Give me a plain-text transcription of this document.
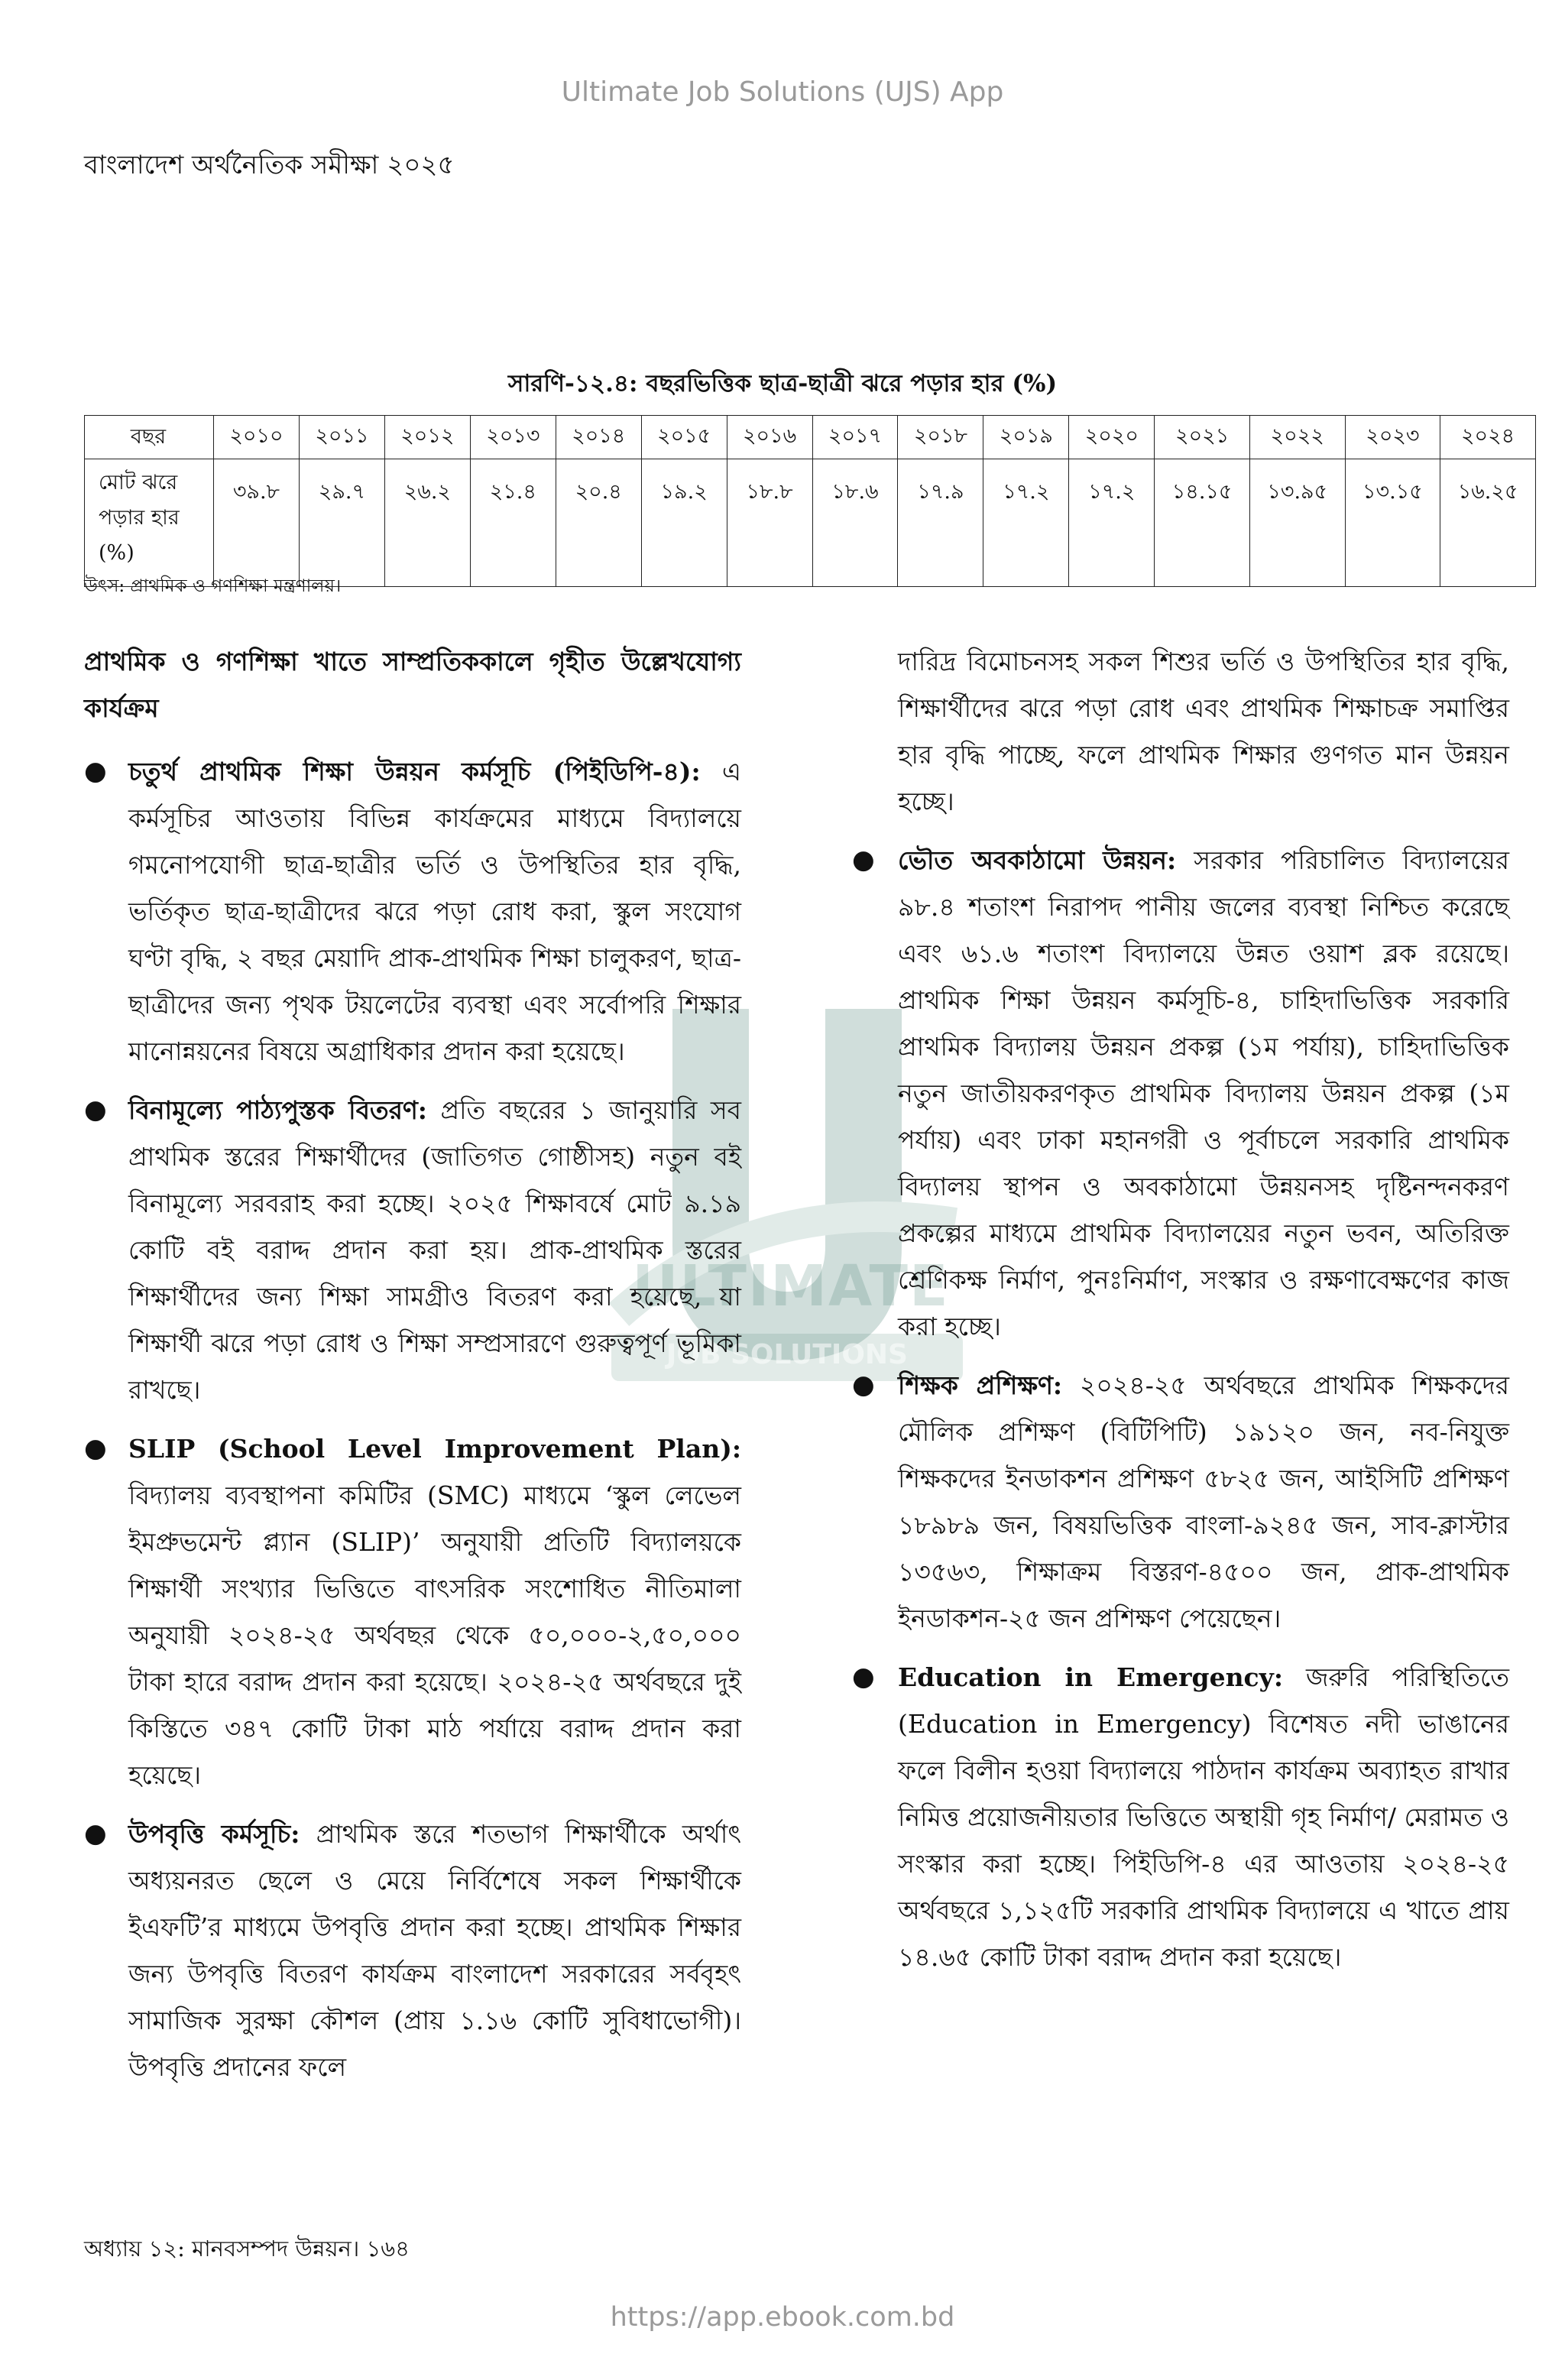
Ultimate Job Solutions (UJS) App
বাংলাদেশ অর্থনৈতিক সমীক্ষা ২০২৫
ULTIMATE
JOB SOLUTIONS
সারণি-১২.৪: বছরভিত্তিক ছাত্র-ছাত্রী ঝরে পড়ার হার (%)
বছর	২০১০	২০১১	২০১২	২০১৩	২০১৪	২০১৫	২০১৬	২০১৭	২০১৮	২০১৯	২০২০	২০২১	২০২২	২০২৩	২০২৪
মোট ঝরে পড়ার হার (%)	৩৯.৮	২৯.৭	২৬.২	২১.৪	২০.৪	১৯.২	১৮.৮	১৮.৬	১৭.৯	১৭.২	১৭.২	১৪.১৫	১৩.৯৫	১৩.১৫	১৬.২৫
উৎস: প্রাথমিক ও গণশিক্ষা মন্ত্রণালয়।
প্রাথমিক ও গণশিক্ষা খাতে সাম্প্রতিককালে গৃহীত উল্লেখযোগ্য কার্যক্রম
● চতুর্থ প্রাথমিক শিক্ষা উন্নয়ন কর্মসূচি (পিইডিপি-৪): এ কর্মসূচির আওতায় বিভিন্ন কার্যক্রমের মাধ্যমে বিদ্যালয়ে গমনোপযোগী ছাত্র-ছাত্রীর ভর্তি ও উপস্থিতির হার বৃদ্ধি, ভর্তিকৃত ছাত্র-ছাত্রীদের ঝরে পড়া রোধ করা, স্কুল সংযোগ ঘণ্টা বৃদ্ধি, ২ বছর মেয়াদি প্রাক-প্রাথমিক শিক্ষা চালুকরণ, ছাত্র-ছাত্রীদের জন্য পৃথক টয়লেটের ব্যবস্থা এবং সর্বোপরি শিক্ষার মানোন্নয়নের বিষয়ে অগ্রাধিকার প্রদান করা হয়েছে।
● বিনামূল্যে পাঠ্যপুস্তক বিতরণ: প্রতি বছরের ১ জানুয়ারি সব প্রাথমিক স্তরের শিক্ষার্থীদের (জাতিগত গোষ্ঠীসহ) নতুন বই বিনামূল্যে সরবরাহ করা হচ্ছে। ২০২৫ শিক্ষাবর্ষে মোট ৯.১৯ কোটি বই বরাদ্দ প্রদান করা হয়। প্রাক-প্রাথমিক স্তরের শিক্ষার্থীদের জন্য শিক্ষা সামগ্রীও বিতরণ করা হয়েছে, যা শিক্ষার্থী ঝরে পড়া রোধ ও শিক্ষা সম্প্রসারণে গুরুত্বপূর্ণ ভূমিকা রাখছে।
● SLIP (School Level Improvement Plan): বিদ্যালয় ব্যবস্থাপনা কমিটির (SMC) মাধ্যমে ‘স্কুল লেভেল ইমপ্রুভমেন্ট প্ল্যান (SLIP)’ অনুযায়ী প্রতিটি বিদ্যালয়কে শিক্ষার্থী সংখ্যার ভিত্তিতে বাৎসরিক সংশোধিত নীতিমালা অনুযায়ী ২০২৪-২৫ অর্থবছর থেকে ৫০,০০০-২,৫০,০০০ টাকা হারে বরাদ্দ প্রদান করা হয়েছে। ২০২৪-২৫ অর্থবছরে দুই কিস্তিতে ৩৪৭ কোটি টাকা মাঠ পর্যায়ে বরাদ্দ প্রদান করা হয়েছে।
● উপবৃত্তি কর্মসূচি: প্রাথমিক স্তরে শতভাগ শিক্ষার্থীকে অর্থাৎ অধ্যয়নরত ছেলে ও মেয়ে নির্বিশেষে সকল শিক্ষার্থীকে ইএফটি’র মাধ্যমে উপবৃত্তি প্রদান করা হচ্ছে। প্রাথমিক শিক্ষার জন্য উপবৃত্তি বিতরণ কার্যক্রম বাংলাদেশ সরকারের সর্ববৃহৎ সামাজিক সুরক্ষা কৌশল (প্রায় ১.১৬ কোটি সুবিধাভোগী)। উপবৃত্তি প্রদানের ফলে

দারিদ্র বিমোচনসহ সকল শিশুর ভর্তি ও উপস্থিতির হার বৃদ্ধি, শিক্ষার্থীদের ঝরে পড়া রোধ এবং প্রাথমিক শিক্ষাচক্র সমাপ্তির হার বৃদ্ধি পাচ্ছে, ফলে প্রাথমিক শিক্ষার গুণগত মান উন্নয়ন হচ্ছে।

● ভৌত অবকাঠামো উন্নয়ন: সরকার পরিচালিত বিদ্যালয়ের ৯৮.৪ শতাংশ নিরাপদ পানীয় জলের ব্যবস্থা নিশ্চিত করেছে এবং ৬১.৬ শতাংশ বিদ্যালয়ে উন্নত ওয়াশ ব্লক রয়েছে। প্রাথমিক শিক্ষা উন্নয়ন কর্মসূচি-৪, চাহিদাভিত্তিক সরকারি প্রাথমিক বিদ্যালয় উন্নয়ন প্রকল্প (১ম পর্যায়), চাহিদাভিত্তিক নতুন জাতীয়করণকৃত প্রাথমিক বিদ্যালয় উন্নয়ন প্রকল্প (১ম পর্যায়) এবং ঢাকা মহানগরী ও পূর্বাচলে সরকারি প্রাথমিক বিদ্যালয় স্থাপন ও অবকাঠামো উন্নয়নসহ দৃষ্টিনন্দনকরণ প্রকল্পের মাধ্যমে প্রাথমিক বিদ্যালয়ের নতুন ভবন, অতিরিক্ত শ্রেণিকক্ষ নির্মাণ, পুনঃনির্মাণ, সংস্কার ও রক্ষণাবেক্ষণের কাজ করা হচ্ছে।
● শিক্ষক প্রশিক্ষণ: ২০২৪-২৫ অর্থবছরে প্রাথমিক শিক্ষকদের মৌলিক প্রশিক্ষণ (বিটিপিটি) ১৯১২০ জন, নব-নিযুক্ত শিক্ষকদের ইনডাকশন প্রশিক্ষণ ৫৮২৫ জন, আইসিটি প্রশিক্ষণ ১৮৯৮৯ জন, বিষয়ভিত্তিক বাংলা-৯২৪৫ জন, সাব-ক্লাস্টার ১৩৫৬৩, শিক্ষাক্রম বিস্তরণ-৪৫০০ জন, প্রাক-প্রাথমিক ইনডাকশন-২৫ জন প্রশিক্ষণ পেয়েছেন।
● Education in Emergency: জরুরি পরিস্থিতিতে (Education in Emergency) বিশেষত নদী ভাঙানের ফলে বিলীন হওয়া বিদ্যালয়ে পাঠদান কার্যক্রম অব্যাহত রাখার নিমিত্ত প্রয়োজনীয়তার ভিত্তিতে অস্থায়ী গৃহ নির্মাণ/ মেরামত ও সংস্কার করা হচ্ছে। পিইডিপি-৪ এর আওতায় ২০২৪-২৫ অর্থবছরে ১,১২৫টি সরকারি প্রাথমিক বিদ্যালয়ে এ খাতে প্রায় ১৪.৬৫ কোটি টাকা বরাদ্দ প্রদান করা হয়েছে।
অধ্যায় ১২: মানবসম্পদ উন্নয়ন। ১৬৪
https://app.ebook.com.bd
